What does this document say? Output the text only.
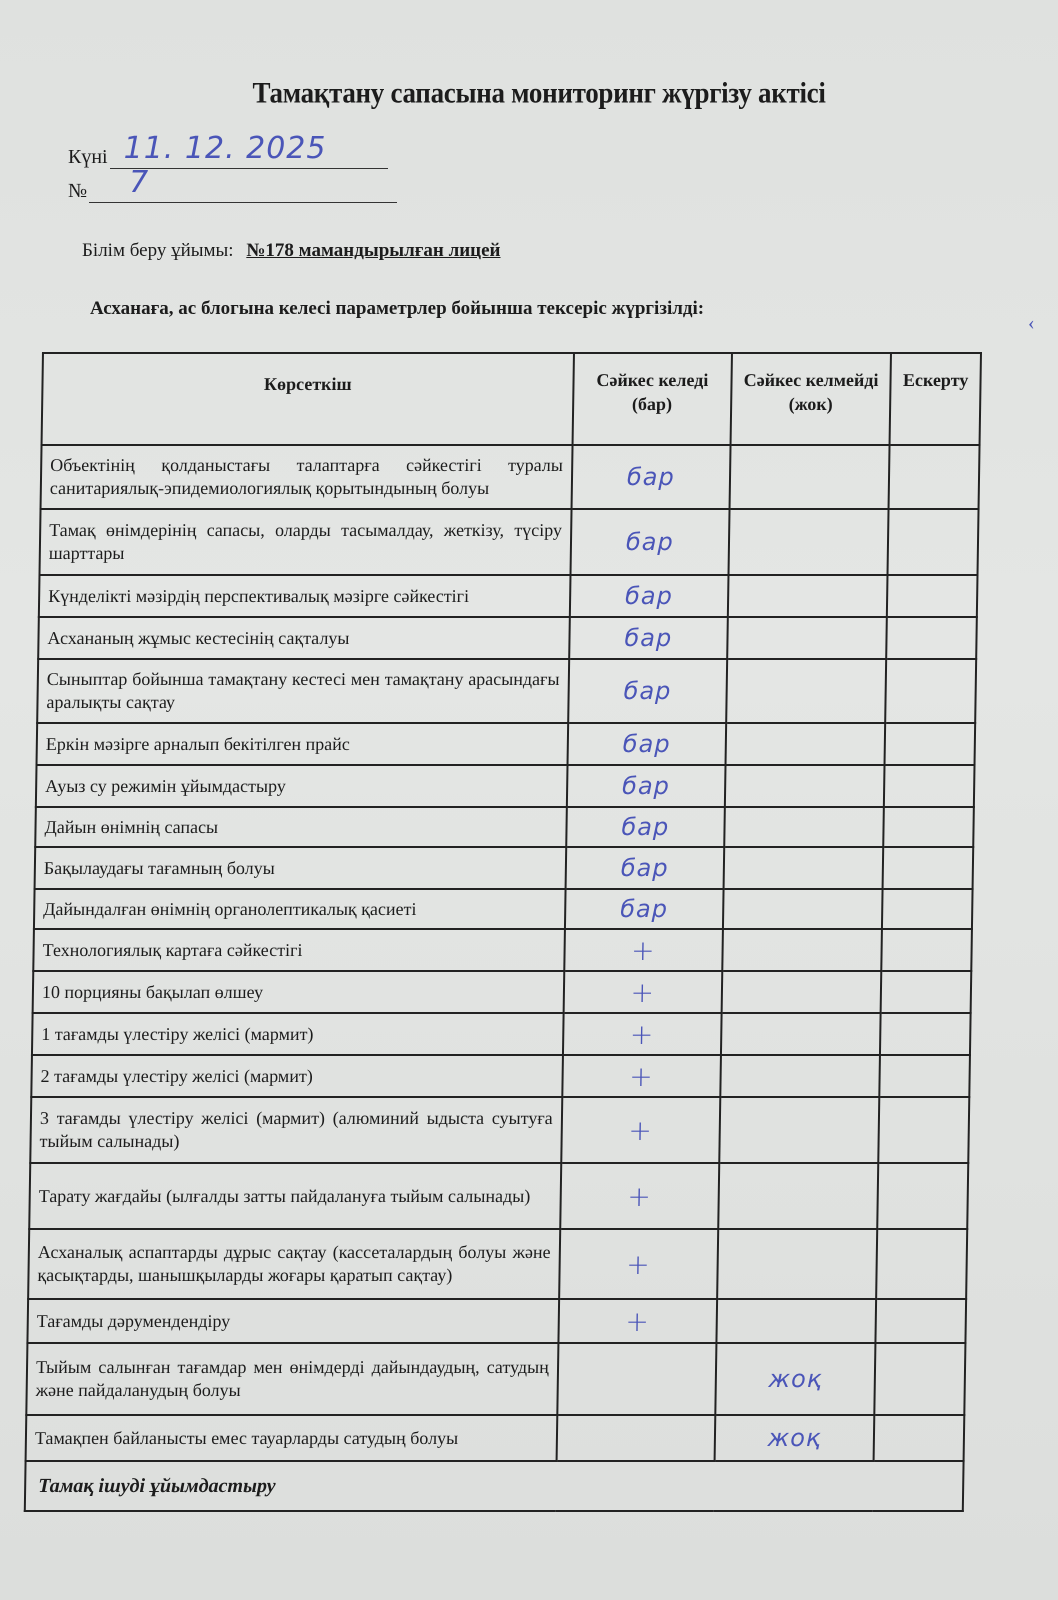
Тамақтану сапасына мониторинг жүргізу актісі
Күні 11. 12. 2025
№ 7
Білім беру ұйымы: №178 мамандырылған лицей
Асханаға, ас блогына келесі параметрлер бойынша тексеріс жүргізілді:
‹
Көрсеткіш	Сәйкес келеді (бар)	Сәйкес келмейді (жок)	Ескерту
Объектінің қолданыстағы талаптарға сәйкестігі туралы санитариялық-эпидемиологиялық қорытындының болуы	бар		
Тамақ өнімдерінің сапасы, оларды тасымалдау, жеткізу, түсіру шарттары	бар		
Күнделікті мәзірдің перспективалық мәзірге сәйкестігі	бар		
Асхананың жұмыс кестесінің сақталуы	бар		
Сыныптар бойынша тамақтану кестесі мен тамақтану арасындағы аралықты сақтау	бар		
Еркін мәзірге арналып бекітілген прайс	бар		
Ауыз су режимін ұйымдастыру	бар		
Дайын өнімнің сапасы	бар		
Бақылаудағы тағамның болуы	бар		
Дайындалған өнімнің органолептикалық қасиеті	бар		
Технологиялық картаға сәйкестігі	+		
10 порцияны бақылап өлшеу	+		
1 тағамды үлестіру желісі (мармит)	+		
2 тағамды үлестіру желісі (мармит)	+		
3 тағамды үлестіру желісі (мармит) (алюминий ыдыста суытуға тыйым салынады)	+		
Тарату жағдайы (ылғалды затты пайдалануға тыйым салынады)	+		
Асханалық аспаптарды дұрыс сақтау (кассеталардың болуы және қасықтарды, шанышқыларды жоғары қаратып сақтау)	+		
Тағамды дәрумендендіру	+		
Тыйым салынған тағамдар мен өнімдерді дайындаудың, сатудың және пайдаланудың болуы		жоқ	
Тамақпен байланысты емес тауарларды сатудың болуы		жоқ	
Тамақ ішуді ұйымдастыру			
